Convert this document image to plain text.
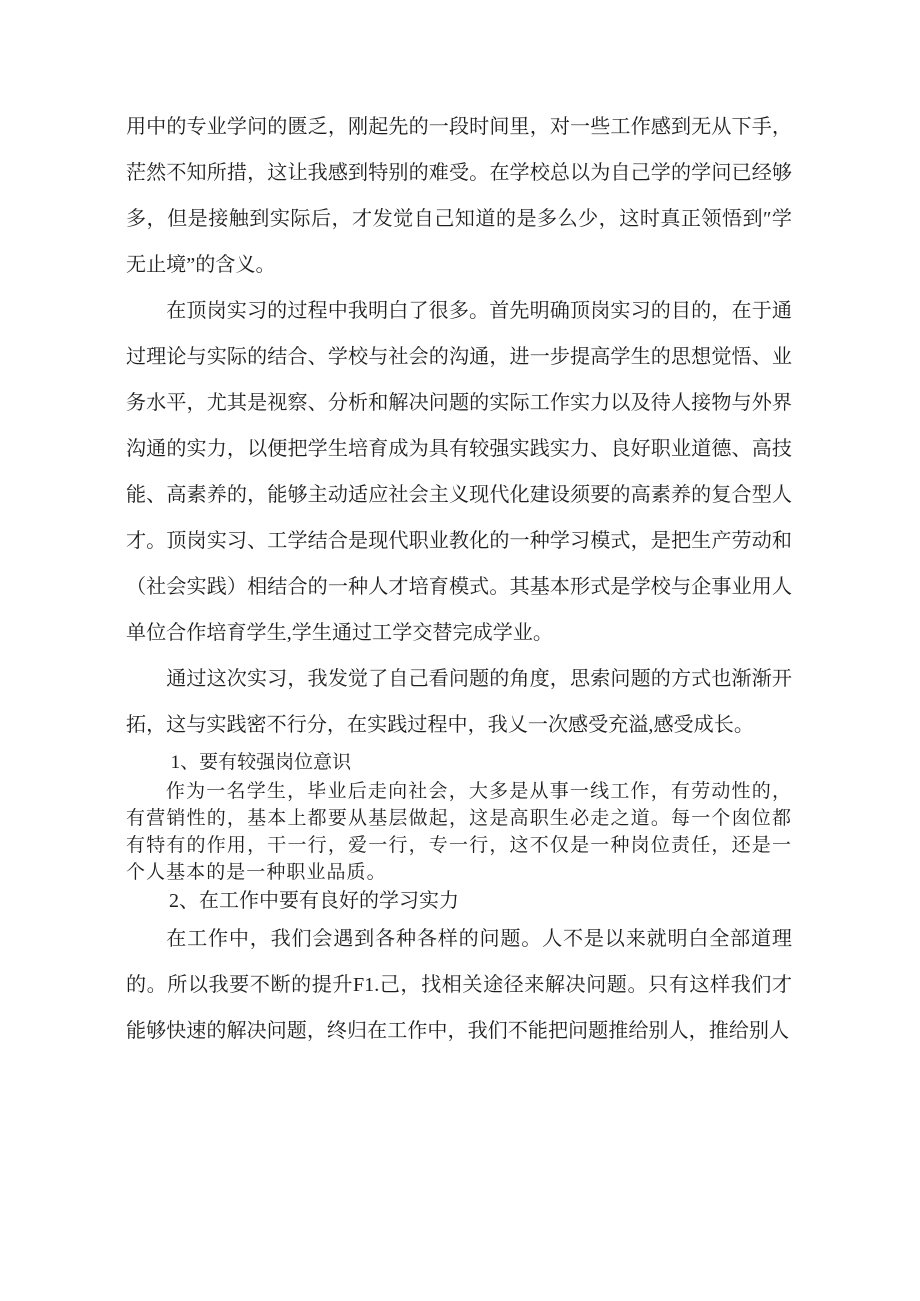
用中的专业学问的匮乏，刚起先的一段时间里，对一些工作感到无从下手，茫然不知所措，这让我感到特别的难受。在学校总以为自己学的学问已经够多，但是接触到实际后，才发觉自己知道的是多么少，这时真正领悟到″学无止境”的含义。

在顶岗实习的过程中我明白了很多。首先明确顶岗实习的目的，在于通过理论与实际的结合、学校与社会的沟通，进一步提高学生的思想觉悟、业务水平，尤其是视察、分析和解决问题的实际工作实力以及待人接物与外界沟通的实力，以便把学生培育成为具有较强实践实力、良好职业道德、高技能、高素养的，能够主动适应社会主义现代化建设须要的高素养的复合型人才。顶岗实习、工学结合是现代职业教化的一种学习模式，是把生产劳动和（社会实践）相结合的一种人才培育模式。其基本形式是学校与企事业用人单位合作培育学生,学生通过工学交替完成学业。

通过这次实习，我发觉了自己看问题的角度，思索问题的方式也渐渐开拓，这与实践密不行分，在实践过程中，我乂一次感受充溢,感受成长。

1、要有较强岗位意识

作为一名学生，毕业后走向社会，大多是从事一线工作，有劳动性的，有营销性的，基本上都要从基层做起，这是高职生必走之道。每一个囱位都有特有的作用，干一行，爱一行，专一行，这不仅是一种岗位责任，还是一个人基本的是一种职业品质。

2、在工作中要有良好的学习实力

在工作中，我们会遇到各种各样的问题。人不是以来就明白全部道理的。所以我要不断的提升F1.己，找相关途径来解决问题。只有这样我们才能够快速的解决问题，终归在工作中，我们不能把问题推给别人，推给别人
